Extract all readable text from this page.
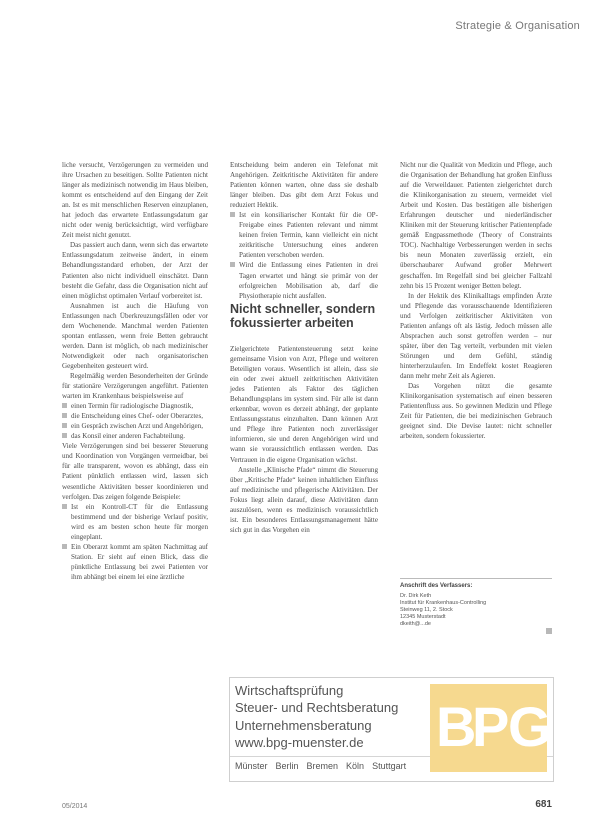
Strategie & Organisation

liche versucht, Verzögerungen zu vermeiden und ihre Ursachen zu beseitigen. Sollte Patienten nicht länger als medizinisch notwendig im Haus bleiben, kommt es entscheidend auf den Eingang der Zeit an. Ist es mit menschlichen Reserven einzuplanen, hat jedoch das erwartete Entlassungsdatum gar nicht oder wenig berücksichtigt, wird verfügbare Zeit meist nicht genutzt.

Das passiert auch dann, wenn sich das erwartete Entlassungsdatum zeitweise ändert, in einem Behandlungsstandard erhoben, der Arzt der Patienten also nicht individuell einschätzt. Dann besteht die Gefahr, dass die Organisation nicht auf einen möglichst optimalen Verlauf vorbereitet ist.

Ausnahmen ist auch die Häufung von Entlassungen nach Überkreuzungsfällen oder vor dem Wochenende. Manchmal werden Patienten spontan entlassen, wenn freie Betten gebraucht werden. Dann ist möglich, ob nach medizinischer Notwendigkeit oder nach organisatorischen Gegebenheiten gesteuert wird.

Regelmäßig werden Besonderheiten der Gründe für stationäre Verzögerungen angeführt. Patienten warten im Krankenhaus beispielsweise auf

einen Termin für radiologische Diagnostik,

die Entscheidung eines Chef- oder Oberarztes,

ein Gespräch zwischen Arzt und Angehörigen,

das Konsil einer anderen Fachabteilung.

Viele Verzögerungen sind bei besserer Steuerung und Koordination von Vorgängen vermeidbar, bei für alle transparent, wovon es abhängt, dass ein Patient pünktlich entlassen wird, lassen sich wesentliche Aktivitäten besser koordinieren und verfolgen. Das zeigen folgende Beispiele:

Ist ein Kontroll-CT für die Entlassung bestimmend und der bisherige Verlauf positiv, wird es am besten schon heute für morgen eingeplant.

Ein Oberarzt kommt am späten Nachmittag auf Station. Er sieht auf einen Blick, dass die pünktliche Entlassung bei zwei Patienten vor ihm abhängt bei einem lei eine ärztliche

Entscheidung beim anderen ein Telefonat mit Angehörigen. Zeitkritische Aktivitäten für andere Patienten können warten, ohne dass sie deshalb länger bleiben. Das gibt dem Arzt Fokus und reduziert Hektik.

Ist ein konsiliarischer Kontakt für die OP-Freigabe eines Patienten relevant und nimmt keinen freien Termin, kann vielleicht ein nicht zeitkritische Untersuchung eines anderen Patienten verschoben werden.

Wird die Entlassung eines Patienten in drei Tagen erwartet und hängt sie primär von der erfolgreichen Mobilisation ab, darf die Physiotherapie nicht ausfallen.

Nicht schneller, sondern fokussierter arbeiten

Zielgerichtete Patientensteuerung setzt keine gemeinsame Vision von Arzt, Pflege und weiteren Beteiligten voraus. Wesentlich ist allein, dass sie ein oder zwei aktuell zeitkritischen Aktivitäten jedes Patienten als Faktor des täglichen Behandlungsplans im system sind. Für alle ist dann erkennbar, wovon es derzeit abhängt, der geplante Entlassungsstatus einzuhalten. Dann können Arzt und Pflege ihre Patienten noch zuverlässiger informieren, sie und deren Angehörigen wird und wann sie voraussichtlich entlassen werden. Das Vertrauen in die eigene Organisation wächst.

Anstelle „Klinische Pfade“ nimmt die Steuerung über „Kritische Pfade“ keinen inhaltlichen Einfluss auf medizinische und pflegerische Aktivitäten. Der Fokus liegt allein darauf, diese Aktivitäten dann auszulösen, wenn es medizinisch voraussichtlich ist. Ein besonderes Entlassungsmanagement hätte sich gut in das Vorgehen ein

Nicht nur die Qualität von Medizin und Pflege, auch die Organisation der Behandlung hat großen Einfluss auf die Verweildauer. Patienten zielgerichtet durch die Klinikorganisation zu steuern, vermeidet viel Arbeit und Kosten. Das bestätigen alle bisherigen Erfahrungen deutscher und niederländischer Kliniken mit der Steuerung kritischer Patientenpfade gemäß Engpassmethode (Theory of Constraints TOC). Nachhaltige Verbesserungen werden in sechs bis neun Monaten zuverlässig erzielt, ein überschaubarer Aufwand großer Mehrwert geschaffen. Im Regelfall sind bei gleicher Fallzahl zehn bis 15 Prozent weniger Betten belegt.

In der Hektik des Klinikalltags empfinden Ärzte und Pflegende das vorausschauende Identifizieren und Verfolgen zeitkritischer Aktivitäten von Patienten anfangs oft als lästig. Jedoch müssen alle Absprachen auch sonst getroffen werden – nur später, über den Tag verteilt, verbunden mit vielen Störungen und dem Gefühl, ständig hinterherzulaufen. Im Endeffekt kostet Reagieren dann mehr mehr Zeit als Agieren.

Das Vorgehen nützt die gesamte Klinikorganisation systematisch auf einen besseren Patientenfluss aus. So gewinnen Medizin und Pflege Zeit für Patienten, die bei medizinischen Gebrauch geeignet sind. Die Devise lautet: nicht schneller arbeiten, sondern fokussierter.

Anschrift des Verfassers:
Dr. Dirk Keth
Institut für Krankenhaus-Controlling
Steinweg 11, 2. Stock
12345 Musterstadt
dkeith@...de
Wirtschaftsprüfung
Steuer- und Rechtsberatung
Unternehmensberatung
www.bpg-muenster.de
Münster Berlin Bremen Köln Stuttgart
B
P
G
05/2014	681
